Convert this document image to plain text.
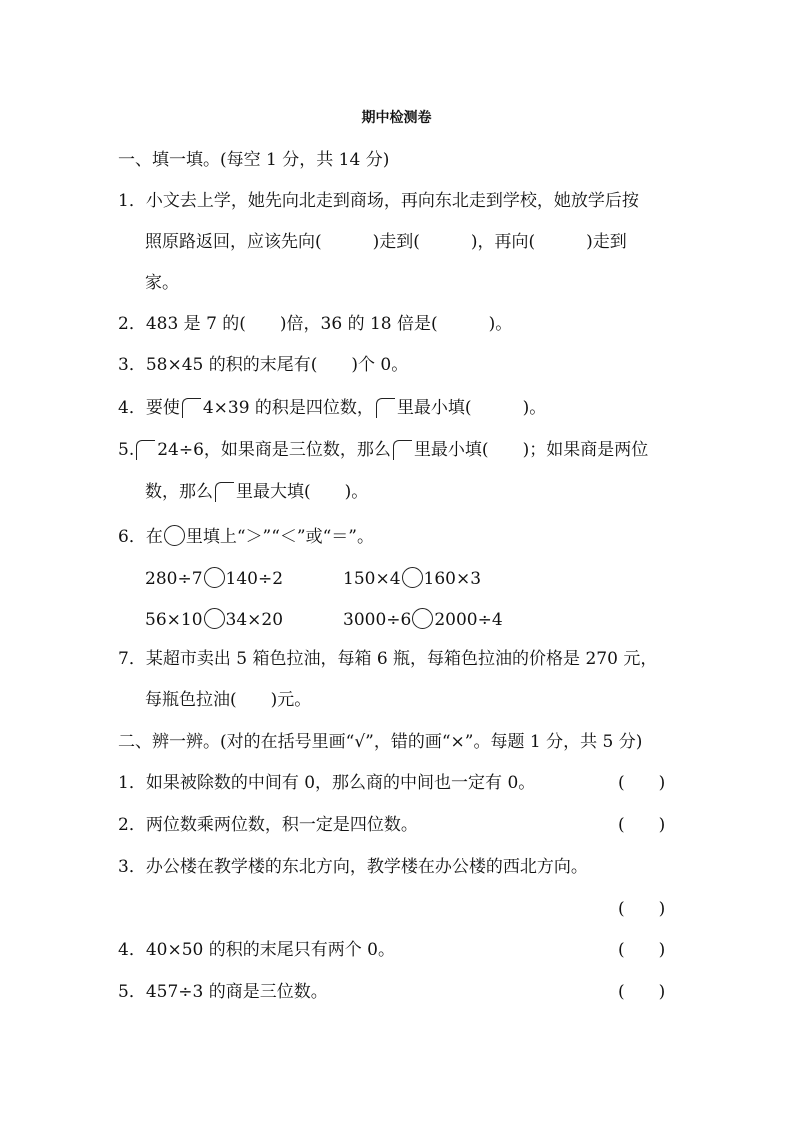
期中检测卷
一、填一填。(每空 1 分，共 14 分)
1．小文去上学，她先向北走到商场，再向东北走到学校，她放学后按
照原路返回，应该先向(　　　)走到(　　　)，再向(　　　)走到
家。
2．483 是 7 的(　　)倍，36 的 18 倍是(　　　)。
3．58×45 的积的末尾有(　　)个 0。
4．要使 4×39 的积是四位数， 里最小填(　　　)。
5. 24÷6，如果商是三位数，那么 里最小填(　　)；如果商是两位
数，那么 里最大填(　　)。
6．在 里填上“＞”“＜”或“＝”。
280÷7 140÷2	150×4 160×3
56×10 34×20	3000÷6 2000÷4
7．某超市卖出 5 箱色拉油，每箱 6 瓶，每箱色拉油的价格是 270 元，
每瓶色拉油(　　)元。
二、辨一辨。(对的在括号里画“√”，错的画“×”。每题 1 分，共 5 分)
1．如果被除数的中间有 0，那么商的中间也一定有 0。	(　　)
2．两位数乘两位数，积一定是四位数。	(　　)
3．办公楼在教学楼的东北方向，教学楼在办公楼的西北方向。
(　　)
4．40×50 的积的末尾只有两个 0。	(　　)
5．457÷3 的商是三位数。	(　　)
